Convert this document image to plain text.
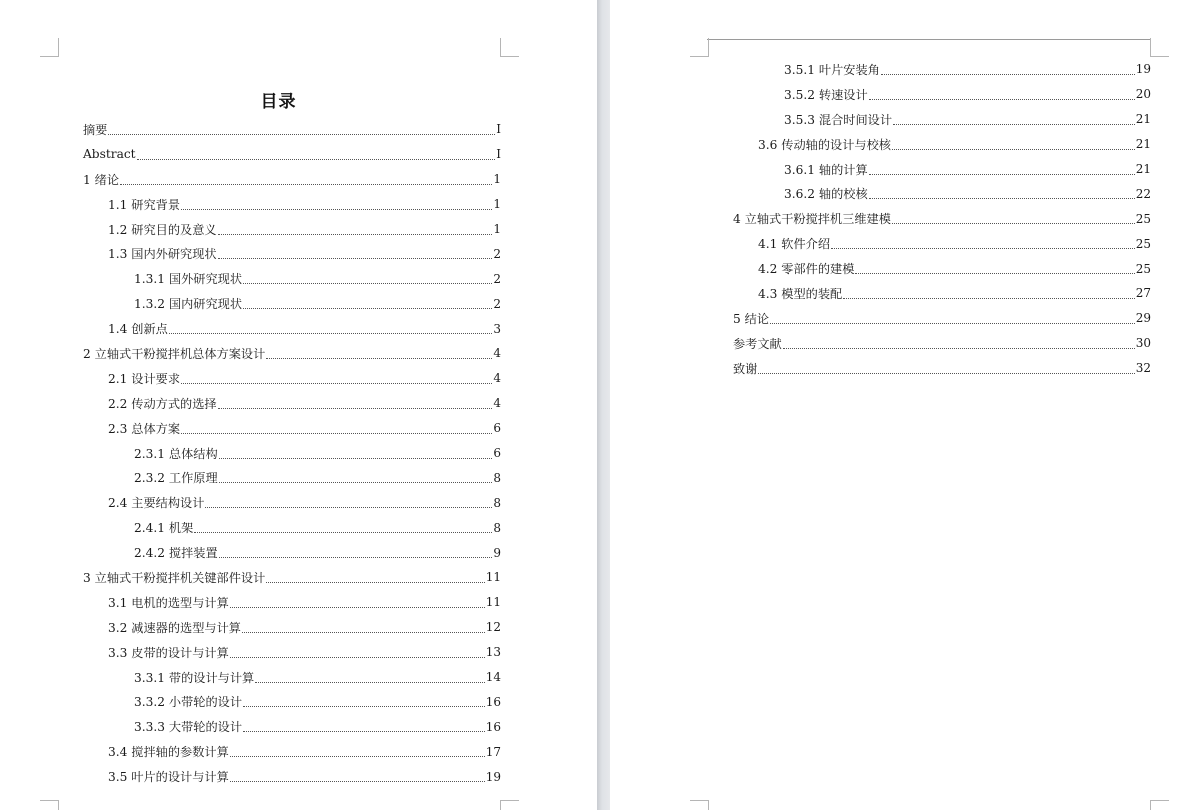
目录
摘要	I
Abstract	I
1 绪论	1
1.1 研究背景	1
1.2 研究目的及意义	1
1.3 国内外研究现状	2
1.3.1 国外研究现状	2
1.3.2 国内研究现状	2
1.4 创新点	3
2 立轴式干粉搅拌机总体方案设计	4
2.1 设计要求	4
2.2 传动方式的选择	4
2.3 总体方案	6
2.3.1 总体结构	6
2.3.2 工作原理	8
2.4 主要结构设计	8
2.4.1 机架	8
2.4.2 搅拌装置	9
3 立轴式干粉搅拌机关键部件设计	11
3.1 电机的选型与计算	11
3.2 减速器的选型与计算	12
3.3 皮带的设计与计算	13
3.3.1 带的设计与计算	14
3.3.2 小带轮的设计	16
3.3.3 大带轮的设计	16
3.4 搅拌轴的参数计算	17
3.5 叶片的设计与计算	19
3.5.1 叶片安装角	19
3.5.2 转速设计	20
3.5.3 混合时间设计	21
3.6 传动轴的设计与校核	21
3.6.1 轴的计算	21
3.6.2 轴的校核	22
4 立轴式干粉搅拌机三维建模	25
4.1 软件介绍	25
4.2 零部件的建模	25
4.3 模型的装配	27
5 结论	29
参考文献	30
致谢	32
